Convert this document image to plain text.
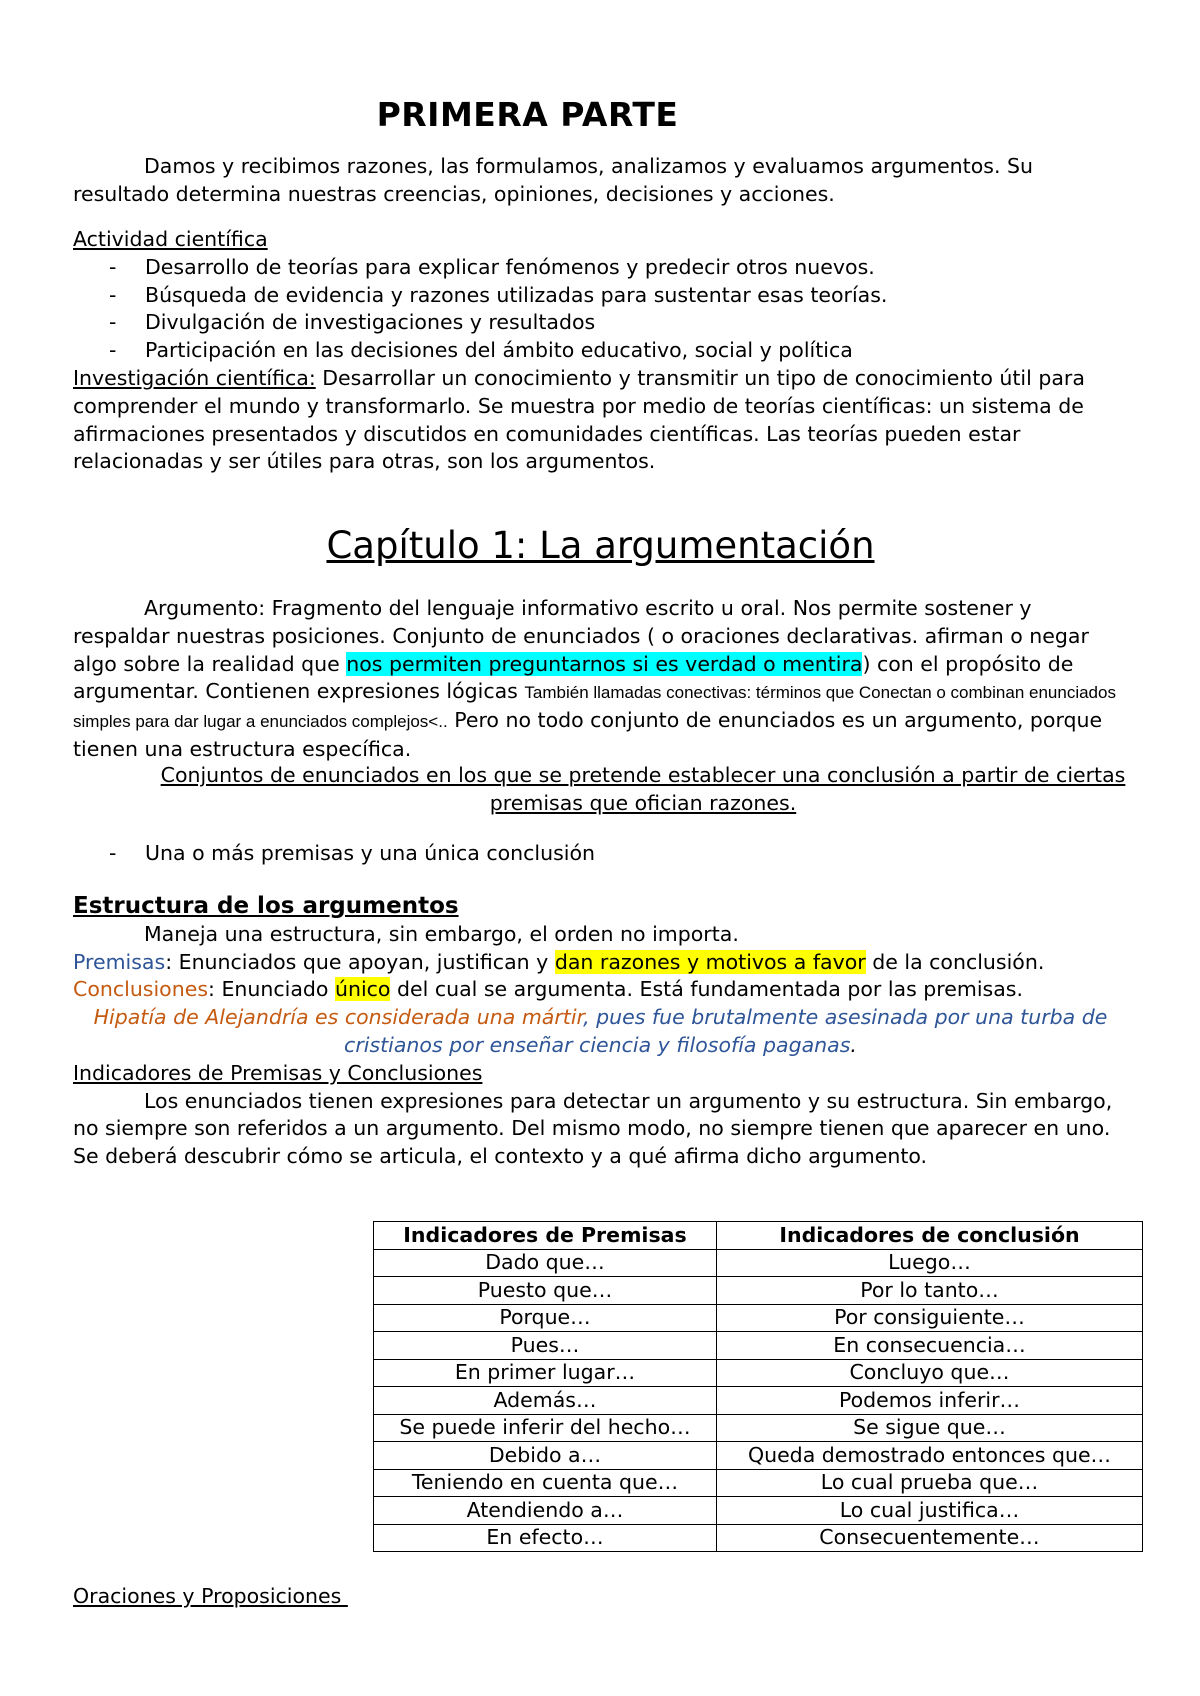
PRIMERA PARTE

Damos y recibimos razones, las formulamos, analizamos y evaluamos argumentos. Su resultado determina nuestras creencias, opiniones, decisiones y acciones.

Actividad científica

- Desarrollo de teorías para explicar fenómenos y predecir otros nuevos.
- Búsqueda de evidencia y razones utilizadas para sustentar esas teorías.
- Divulgación de investigaciones y resultados
- Participación en las decisiones del ámbito educativo, social y política

Investigación científica: Desarrollar un conocimiento y transmitir un tipo de conocimiento útil para comprender el mundo y transformarlo. Se muestra por medio de teorías científicas: un sistema de afirmaciones presentados y discutidos en comunidades científicas. Las teorías pueden estar relacionadas y ser útiles para otras, son los argumentos.

Capítulo 1: La argumentación

Argumento: Fragmento del lenguaje informativo escrito u oral. Nos permite sostener y respaldar nuestras posiciones. Conjunto de enunciados ( o oraciones declarativas. afirman o negar algo sobre la realidad que nos permiten preguntarnos si es verdad o mentira) con el propósito de argumentar. Contienen expresiones lógicas También llamadas conectivas: términos que Conectan o combinan enunciados simples para dar lugar a enunciados complejos<.. Pero no todo conjunto de enunciados es un argumento, porque tienen una estructura específica.

Conjuntos de enunciados en los que se pretende establecer una conclusión a partir de ciertas premisas que ofician razones.

- Una o más premisas y una única conclusión

Estructura de los argumentos

Maneja una estructura, sin embargo, el orden no importa.

Premisas: Enunciados que apoyan, justifican y dan razones y motivos a favor de la conclusión.

Conclusiones: Enunciado único del cual se argumenta. Está fundamentada por las premisas.

Hipatía de Alejandría es considerada una mártir, pues fue brutalmente asesinada por una turba de cristianos por enseñar ciencia y filosofía paganas.

Indicadores de Premisas y Conclusiones

Los enunciados tienen expresiones para detectar un argumento y su estructura. Sin embargo, no siempre son referidos a un argumento. Del mismo modo, no siempre tienen que aparecer en uno. Se deberá descubrir cómo se articula, el contexto y a qué afirma dicho argumento.

Indicadores de Premisas	Indicadores de conclusión
Dado que…	Luego…
Puesto que…	Por lo tanto…
Porque…	Por consiguiente…
Pues…	En consecuencia…
En primer lugar…	Concluyo que…
Además…	Podemos inferir…
Se puede inferir del hecho…	Se sigue que…
Debido a…	Queda demostrado entonces que…
Teniendo en cuenta que…	Lo cual prueba que…
Atendiendo a…	Lo cual justifica…
En efecto…	Consecuentemente…

Oraciones y Proposiciones
